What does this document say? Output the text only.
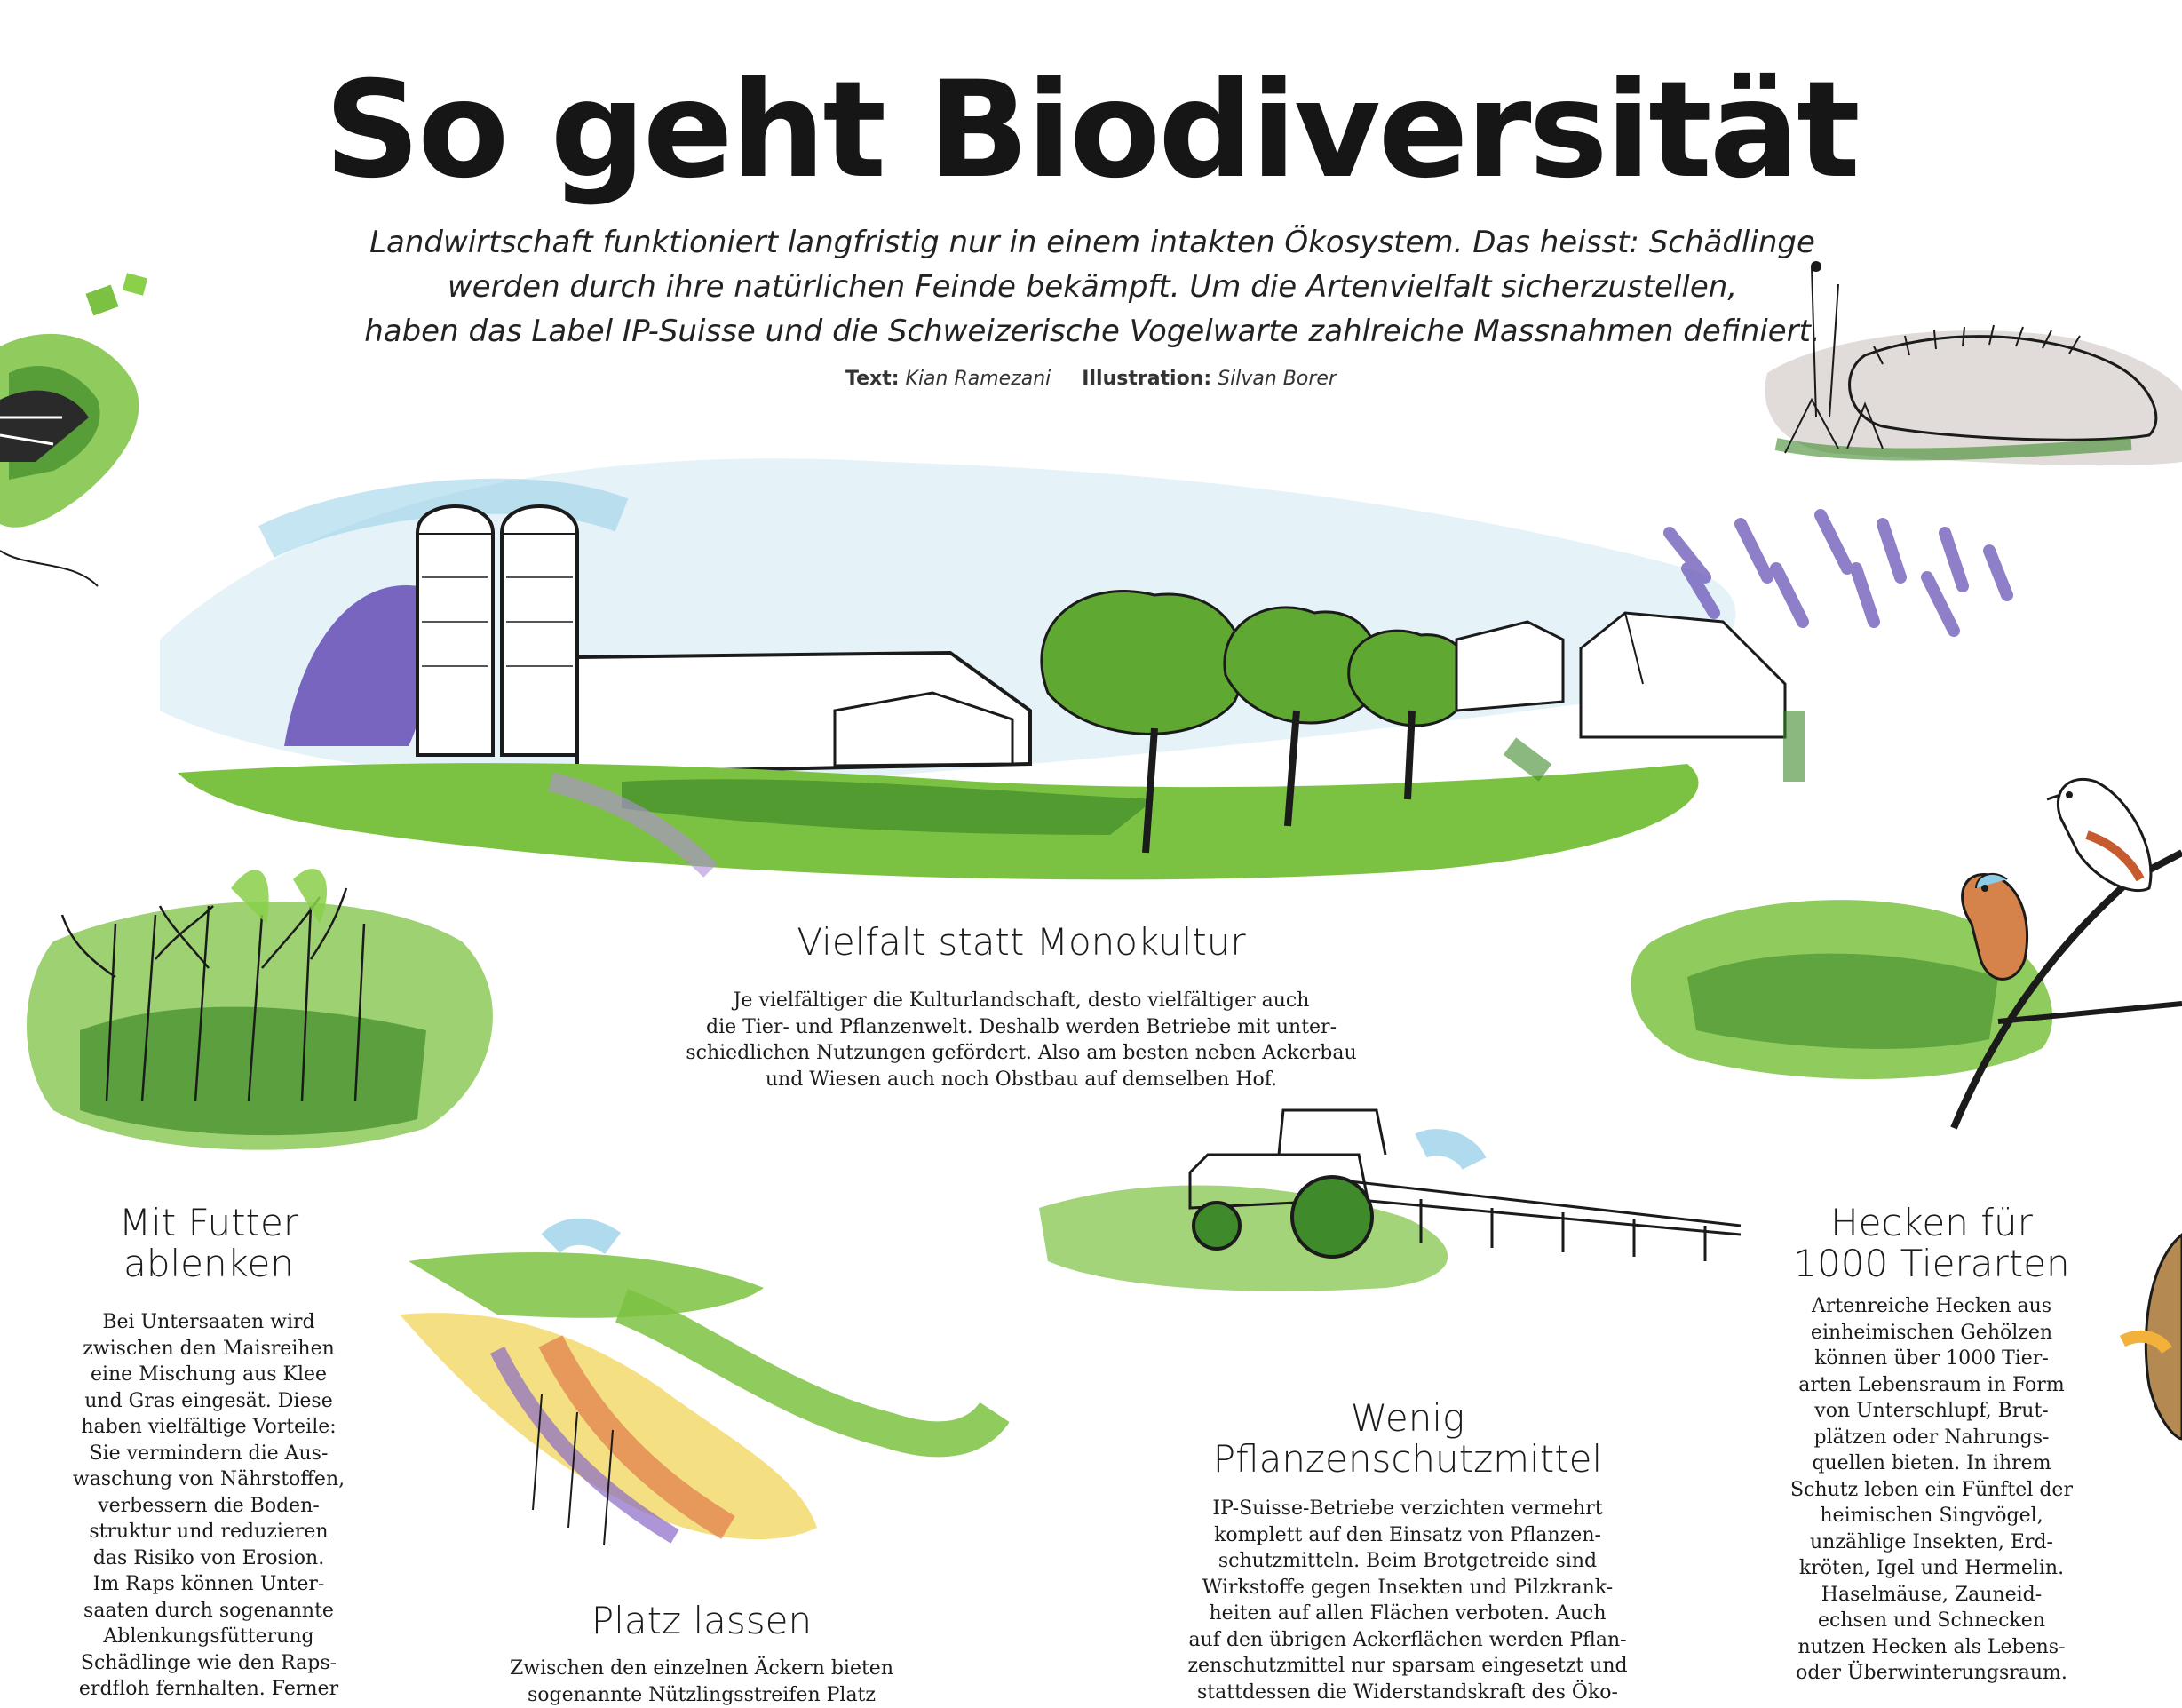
So geht Biodiversität
Landwirtschaft funktioniert langfristig nur in einem intakten Ökosystem. Das heisst: Schädlinge
werden durch ihre natürlichen Feinde bekämpft. Um die Artenvielfalt sicherzustellen,
haben das Label IP-Suisse und die Schweizerische Vogelwarte zahlreiche Massnahmen definiert.
Text: Kian Ramezani Illustration: Silvan Borer
Vielfalt statt Monokultur
Je vielfältiger die Kulturlandschaft, desto vielfältiger auch
die Tier- und Pflanzenwelt. Deshalb werden Betriebe mit unter-
schiedlichen Nutzungen gefördert. Also am besten neben Ackerbau
und Wiesen auch noch Obstbau auf demselben Hof.
Mit Futter
ablenken
Bei Untersaaten wird
zwischen den Maisreihen
eine Mischung aus Klee
und Gras eingesät. Diese
haben vielfältige Vorteile:
Sie vermindern die Aus-
waschung von Nährstoffen,
verbessern die Boden-
struktur und reduzieren
das Risiko von Erosion.
Im Raps können Unter-
saaten durch sogenannte
Ablenkungsfütterung
Schädlinge wie den Raps-
erdfloh fernhalten. Ferner
Platz lassen
Zwischen den einzelnen Äckern bieten
sogenannte Nützlingsstreifen Platz
Wenig
Pflanzenschutzmittel
IP-Suisse-Betriebe verzichten vermehrt
komplett auf den Einsatz von Pflanzen-
schutzmitteln. Beim Brotgetreide sind
Wirkstoffe gegen Insekten und Pilzkrank-
heiten auf allen Flächen verboten. Auch
auf den übrigen Ackerflächen werden Pflan-
zenschutzmittel nur sparsam eingesetzt und
stattdessen die Widerstandskraft des Öko-
Hecken für
1000 Tierarten
Artenreiche Hecken aus
einheimischen Gehölzen
können über 1000 Tier-
arten Lebensraum in Form
von Unterschlupf, Brut-
plätzen oder Nahrungs-
quellen bieten. In ihrem
Schutz leben ein Fünftel der
heimischen Singvögel,
unzählige Insekten, Erd-
kröten, Igel und Hermelin.
Haselmäuse, Zauneid-
echsen und Schnecken
nutzen Hecken als Lebens-
oder Überwinterungsraum.
